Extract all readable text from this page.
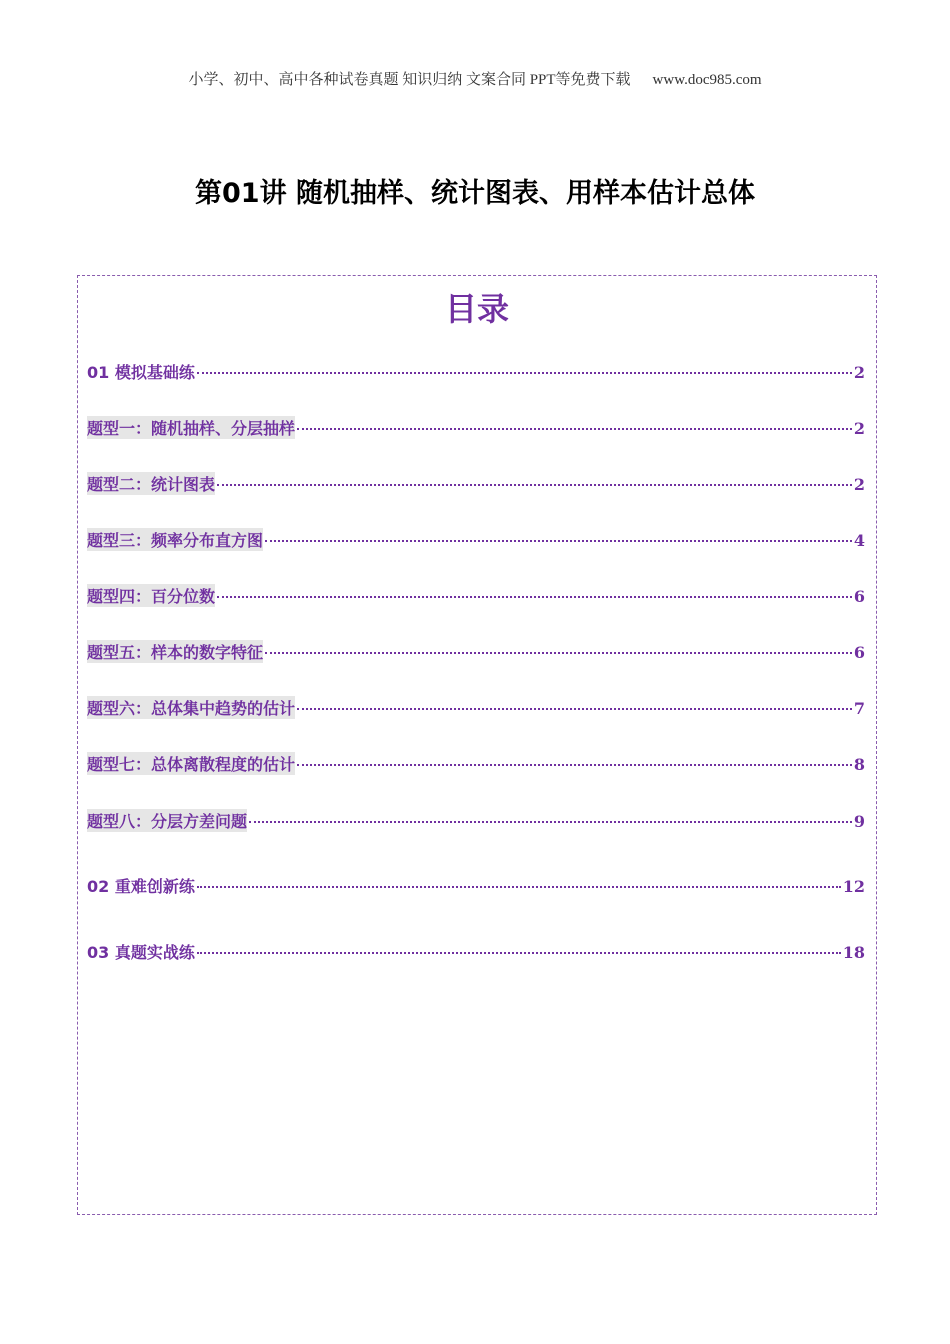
小学、初中、高中各种试卷真题 知识归纳 文案合同 PPT等免费下载 www.doc985.com
第01讲 随机抽样、统计图表、用样本估计总体
目录
01 模拟基础练	2
题型一：随机抽样、分层抽样	2
题型二：统计图表	2
题型三：频率分布直方图	4
题型四：百分位数	6
题型五：样本的数字特征	6
题型六：总体集中趋势的估计	7
题型七：总体离散程度的估计	8
题型八：分层方差问题	9
02 重难创新练	12
03 真题实战练	18
